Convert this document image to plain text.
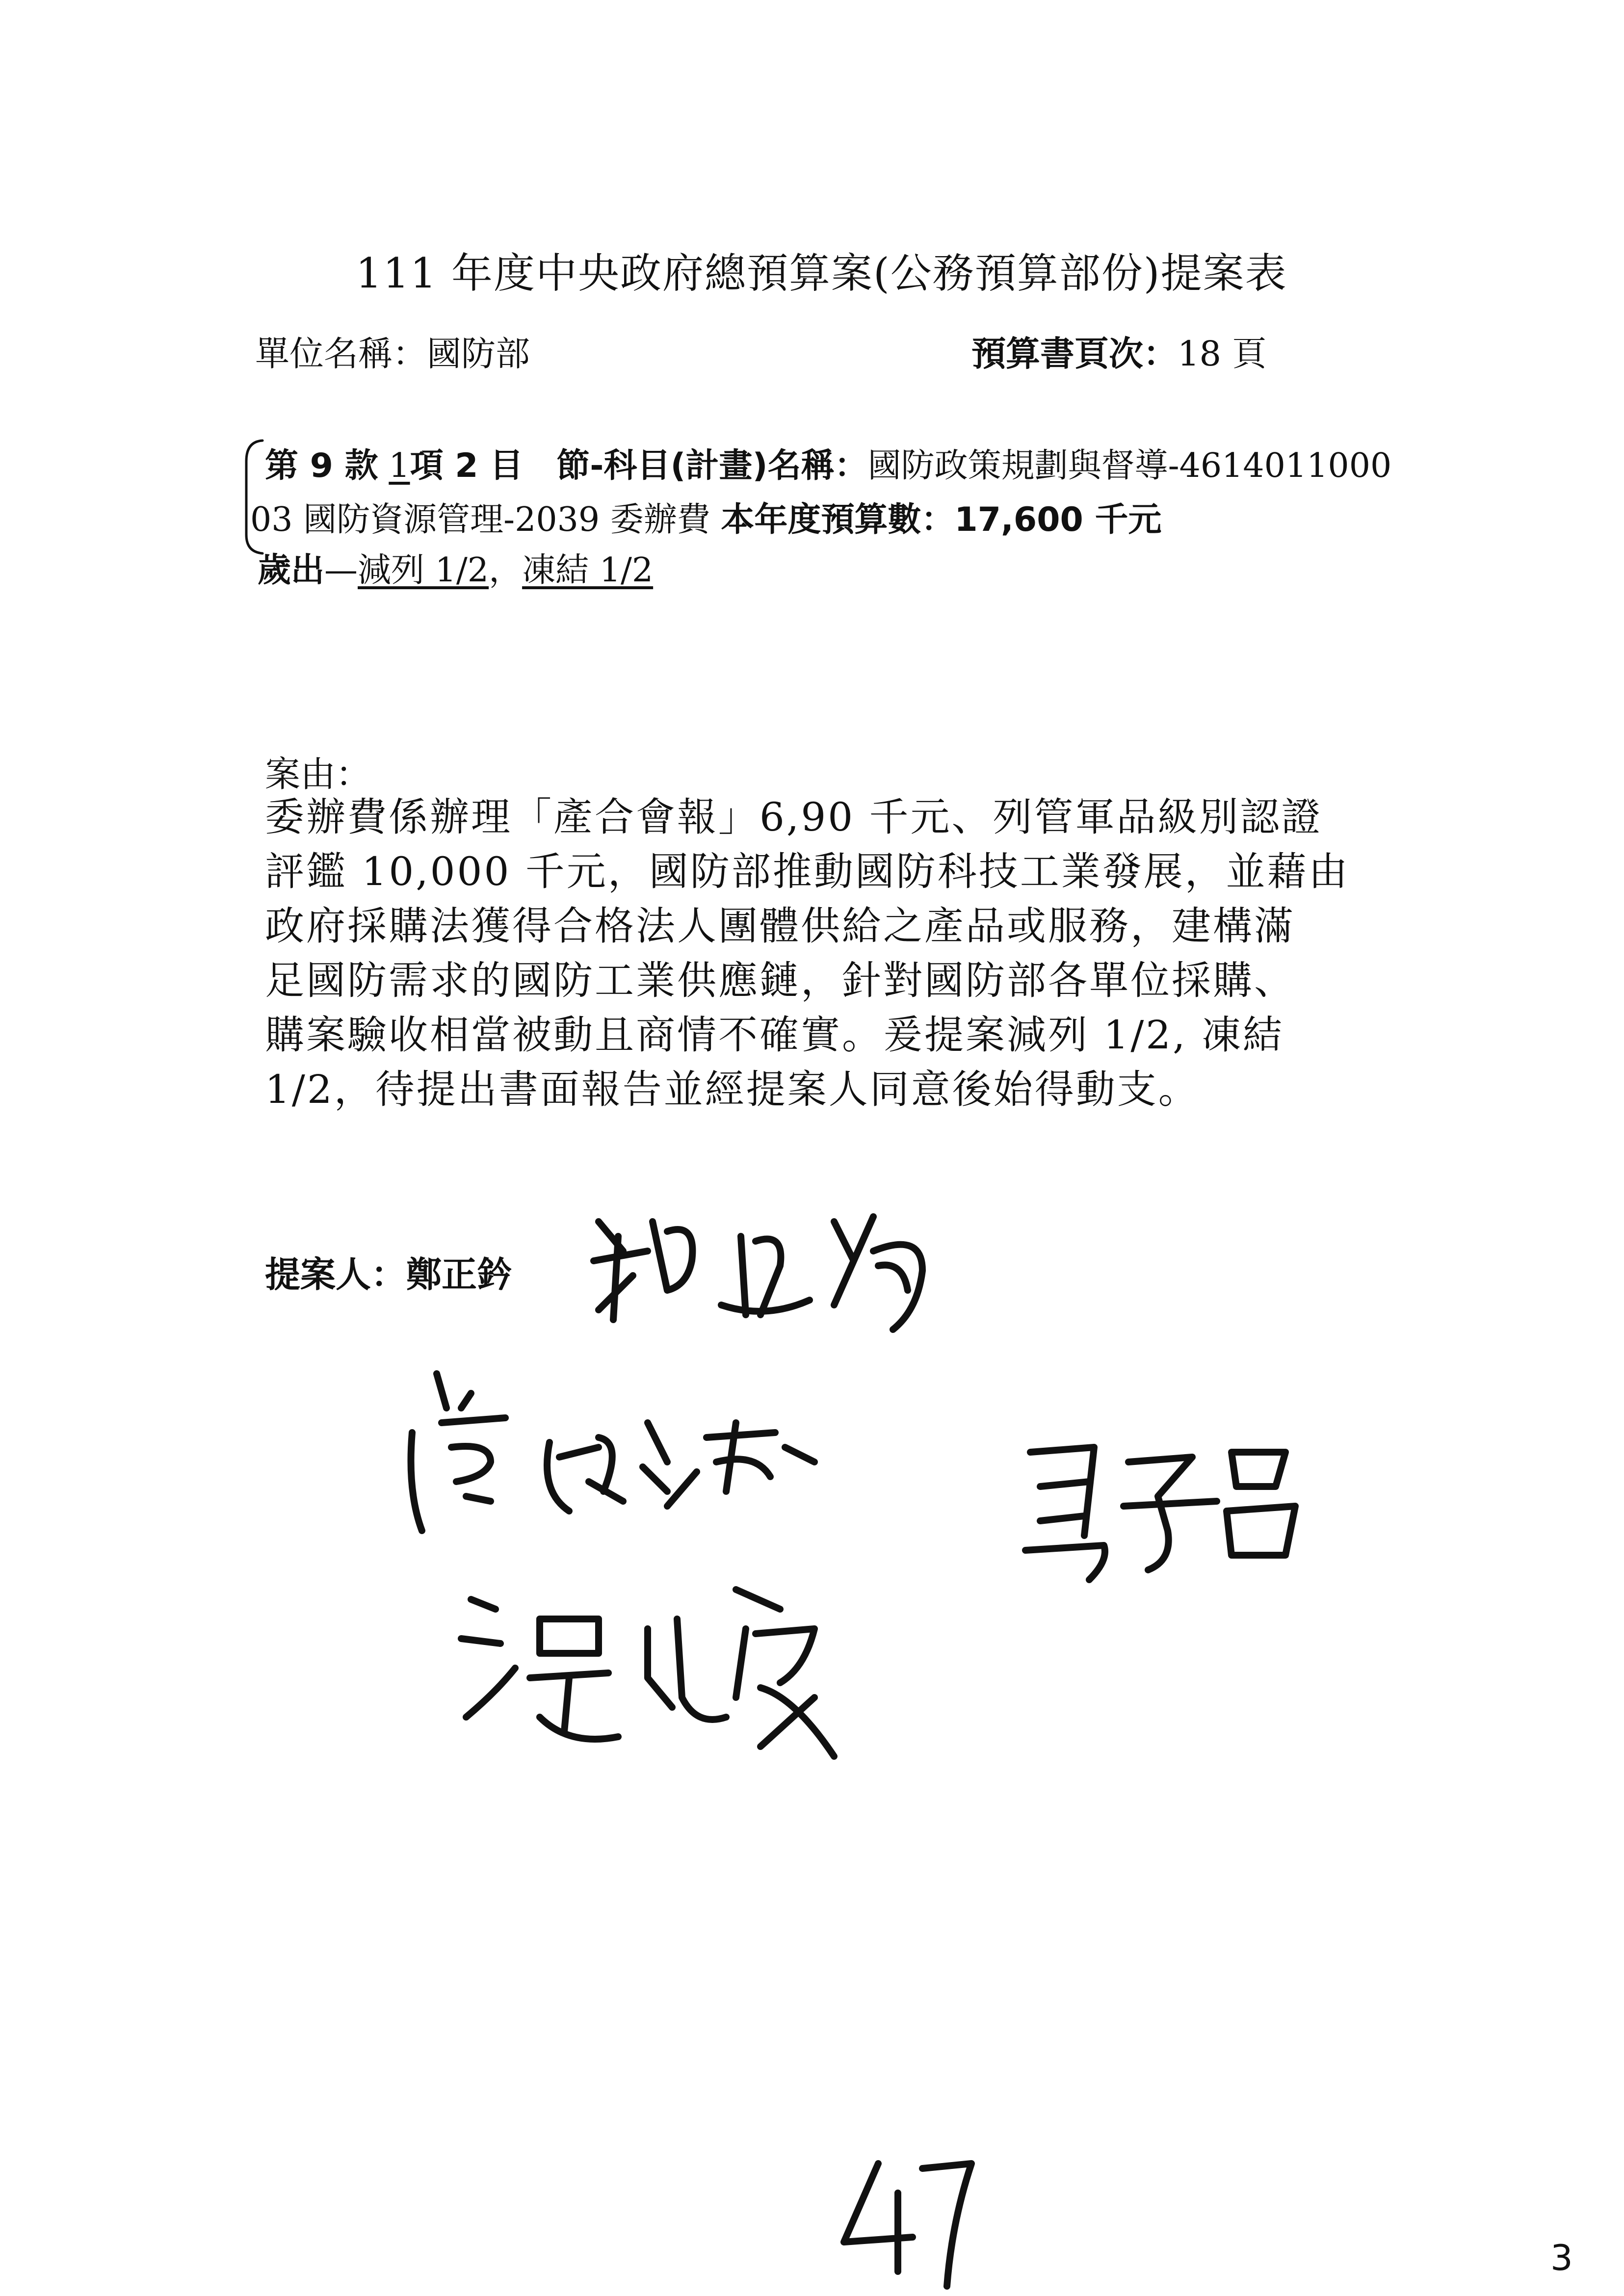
111 年度中央政府總預算案(公務預算部份)提案表
單位名稱：國防部	預算書頁次：18 頁
第 9 款 1項 2 目　節-科目(計畫)名稱：國防政策規劃與督導-4614011000
03 國防資源管理-2039 委辦費 本年度預算數：17,600 千元
歲出—減列 1/2，凍結 1/2
案由：
委辦費係辦理「產合會報」6,90 千元、列管軍品級別認證
評鑑 10,000 千元，國防部推動國防科技工業發展，並藉由
政府採購法獲得合格法人團體供給之產品或服務，建構滿
足國防需求的國防工業供應鏈，針對國防部各單位採購、
購案驗收相當被動且商情不確實。爰提案減列 1/2, 凍結
1/2，待提出書面報告並經提案人同意後始得動支。
提案人：鄭正鈐
3
